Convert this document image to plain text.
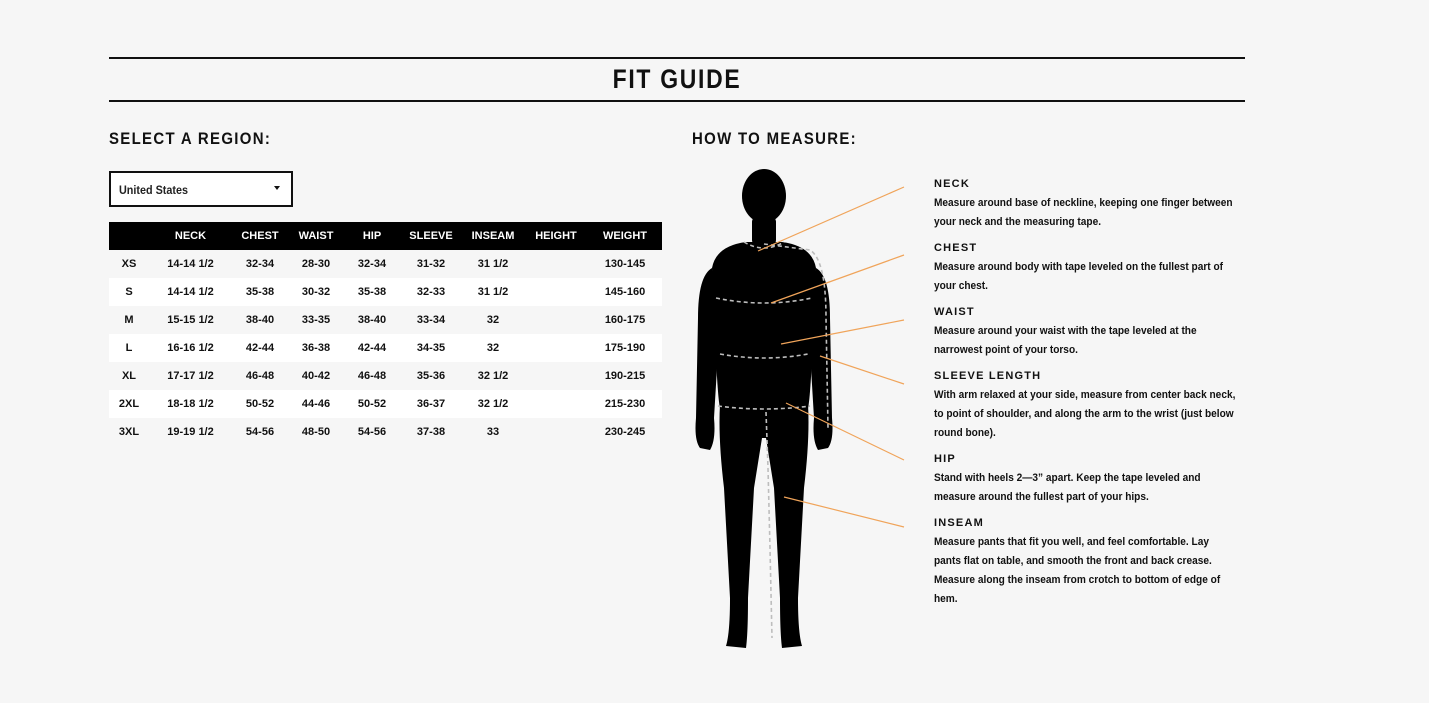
FIT GUIDE
SELECT A REGION:
United States
	NECK	CHEST	WAIST	HIP	SLEEVE	INSEAM	HEIGHT	WEIGHT
XS	14-14 1/2	32-34	28-30	32-34	31-32	31 1/2		130-145
S	14-14 1/2	35-38	30-32	35-38	32-33	31 1/2		145-160
M	15-15 1/2	38-40	33-35	38-40	33-34	32		160-175
L	16-16 1/2	42-44	36-38	42-44	34-35	32		175-190
XL	17-17 1/2	46-48	40-42	46-48	35-36	32 1/2		190-215
2XL	18-18 1/2	50-52	44-46	50-52	36-37	32 1/2		215-230
3XL	19-19 1/2	54-56	48-50	54-56	37-38	33		230-245
HOW TO MEASURE:
NECK
Measure around base of neckline, keeping one finger between your neck and the measuring tape.
CHEST
Measure around body with tape leveled on the fullest part of your chest.
WAIST
Measure around your waist with the tape leveled at the narrowest point of your torso.
SLEEVE LENGTH
With arm relaxed at your side, measure from center back neck, to point of shoulder, and along the arm to the wrist (just below round bone).
HIP
Stand with heels 2—3” apart. Keep the tape leveled and measure around the fullest part of your hips.
INSEAM
Measure pants that fit you well, and feel comfortable. Lay pants flat on table, and smooth the front and back crease. Measure along the inseam from crotch to bottom of edge of hem.
